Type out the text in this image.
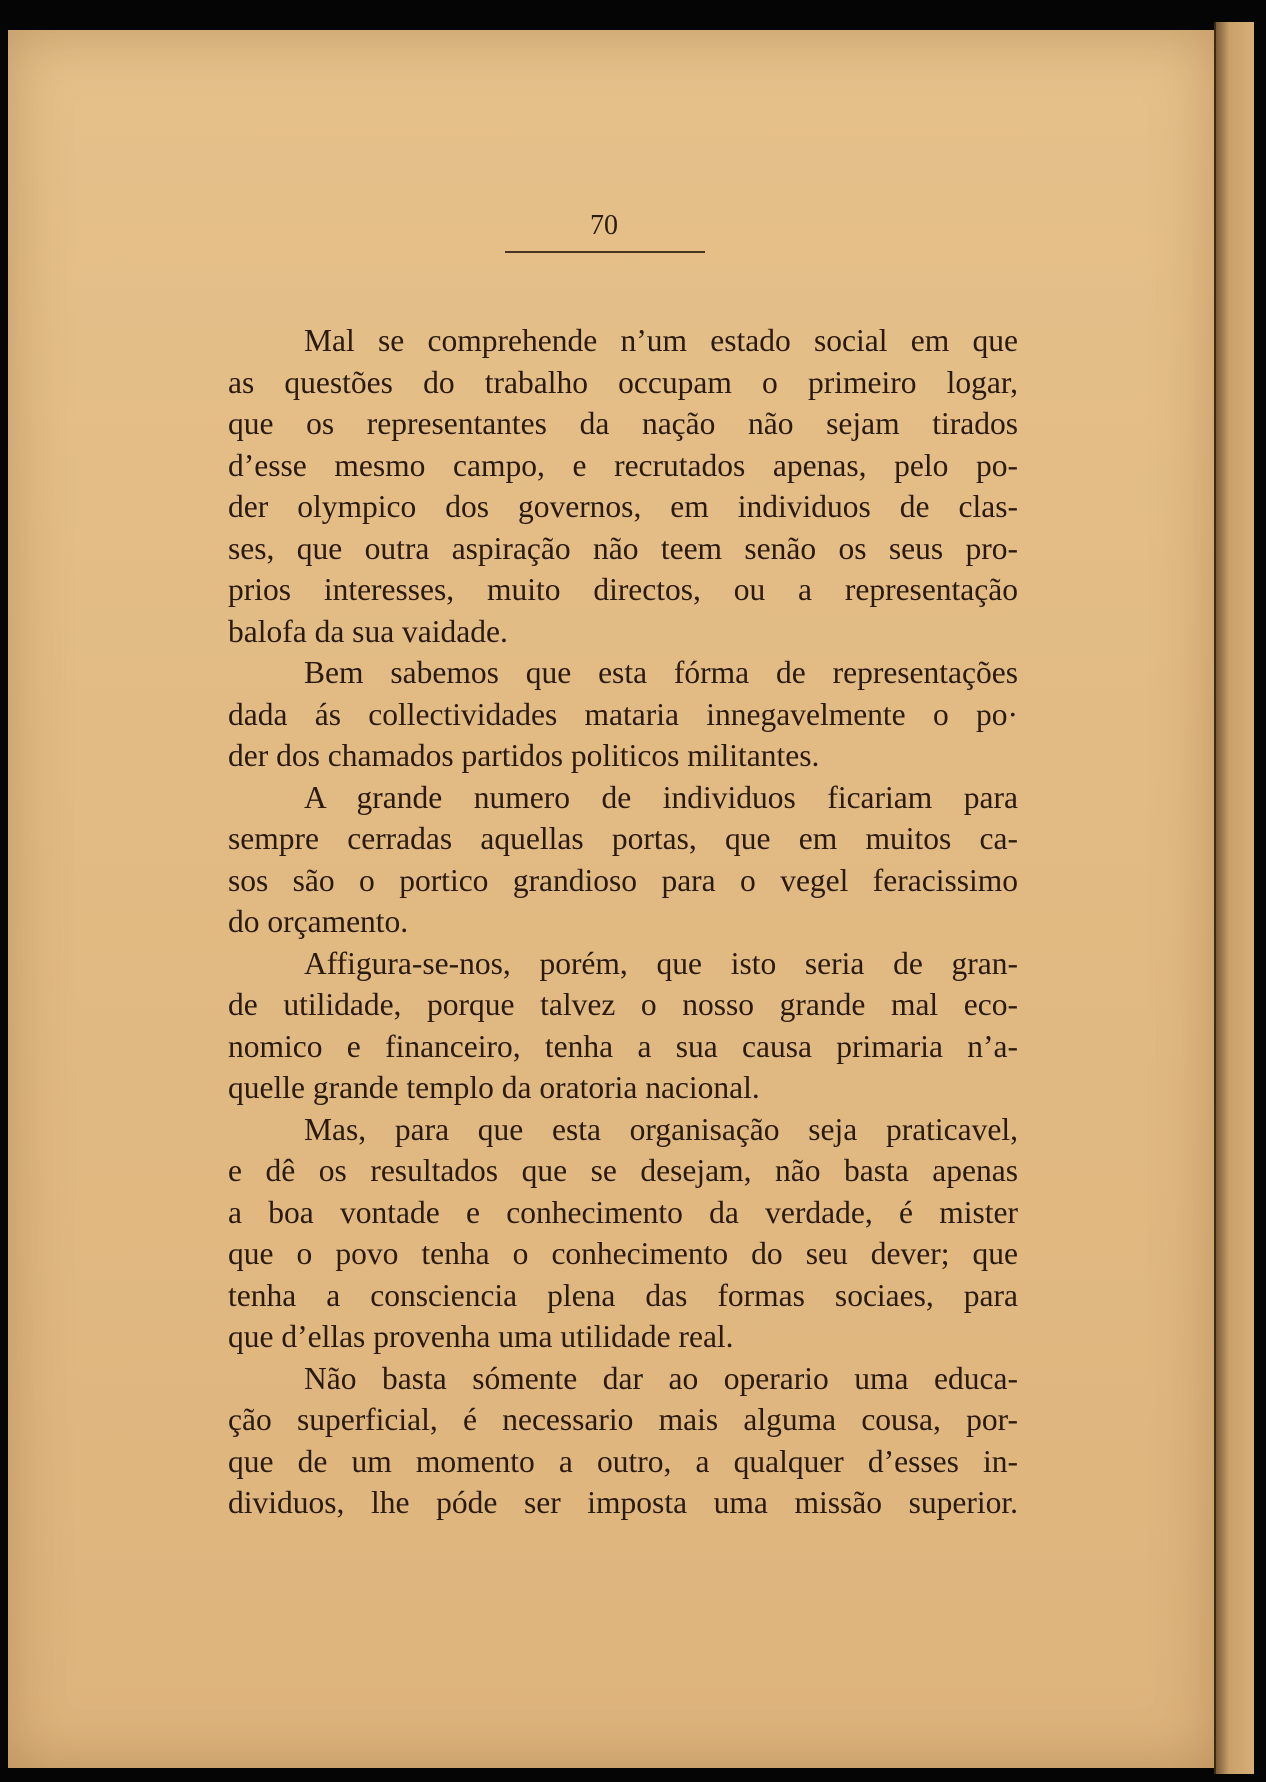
70
Mal se comprehende n’um estado social em que
as questões do trabalho occupam o primeiro logar,
que os representantes da nação não sejam tirados
d’esse mesmo campo, e recrutados apenas, pelo po-
der olympico dos governos, em individuos de clas-
ses, que outra aspiração não teem senão os seus pro-
prios interesses, muito directos, ou a representação
balofa da sua vaidade.
Bem sabemos que esta fórma de representações
dada ás collectividades mataria innegavelmente o po·
der dos chamados partidos politicos militantes.
A grande numero de individuos ficariam para
sempre cerradas aquellas portas, que em muitos ca-
sos são o portico grandioso para o vegel feracissimo
do orçamento.
Affigura-se-nos, porém, que isto seria de gran-
de utilidade, porque talvez o nosso grande mal eco-
nomico e financeiro, tenha a sua causa primaria n’a-
quelle grande templo da oratoria nacional.
Mas, para que esta organisação seja praticavel,
e dê os resultados que se desejam, não basta apenas
a boa vontade e conhecimento da verdade, é mister
que o povo tenha o conhecimento do seu dever; que
tenha a consciencia plena das formas sociaes, para
que d’ellas provenha uma utilidade real.
Não basta sómente dar ao operario uma educa-
ção superficial, é necessario mais alguma cousa, por-
que de um momento a outro, a qualquer d’esses in-
dividuos, lhe póde ser imposta uma missão superior.
